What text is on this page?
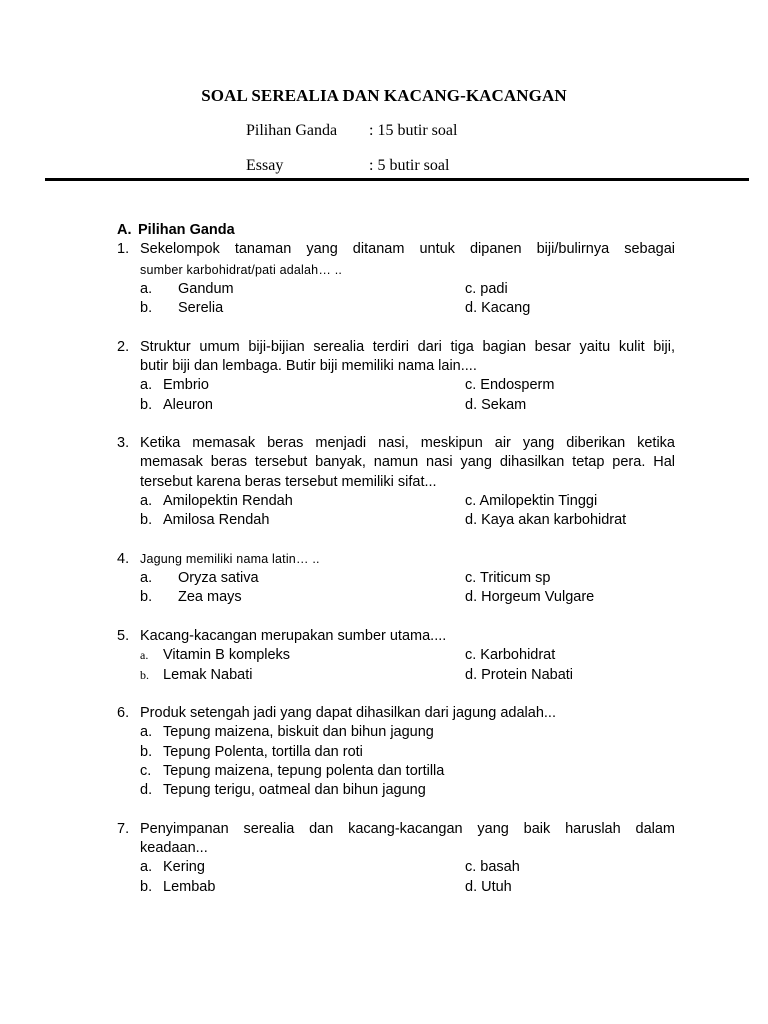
SOAL SEREALIA DAN KACANG-KACANGAN
Pilihan Ganda : 15 butir soal
Essay	: 5 butir soal
A. Pilihan Ganda
1. Sekelompok tanaman yang ditanam untuk dipanen biji/bulirnya sebagai
sumber karbohidrat/pati adalah… ..
a. Gandum	c. padi
b. Serelia	d. Kacang
2. Struktur umum biji-bijian serealia terdiri dari tiga bagian besar yaitu kulit biji,
butir biji dan lembaga. Butir biji memiliki nama lain....
a. Embrio	c. Endosperm
b. Aleuron	d. Sekam
3. Ketika memasak beras menjadi nasi, meskipun air yang diberikan ketika
memasak beras tersebut banyak, namun nasi yang dihasilkan tetap pera. Hal
tersebut karena beras tersebut memiliki sifat...
a. Amilopektin Rendah	c. Amilopektin Tinggi
b. Amilosa Rendah	d. Kaya akan karbohidrat
4. Jagung memiliki nama latin… ..
a. Oryza sativa	c. Triticum sp
b. Zea mays	d. Horgeum Vulgare
5. Kacang-kacangan merupakan sumber utama....
a. Vitamin B kompleks	c. Karbohidrat
b. Lemak Nabati	d. Protein Nabati
6. Produk setengah jadi yang dapat dihasilkan dari jagung adalah...
a. Tepung maizena, biskuit dan bihun jagung
b. Tepung Polenta, tortilla dan roti
c. Tepung maizena, tepung polenta dan tortilla
d. Tepung terigu, oatmeal dan bihun jagung
7. Penyimpanan serealia dan kacang-kacangan yang baik haruslah dalam
keadaan...
a. Kering	c. basah
b. Lembab	d. Utuh
